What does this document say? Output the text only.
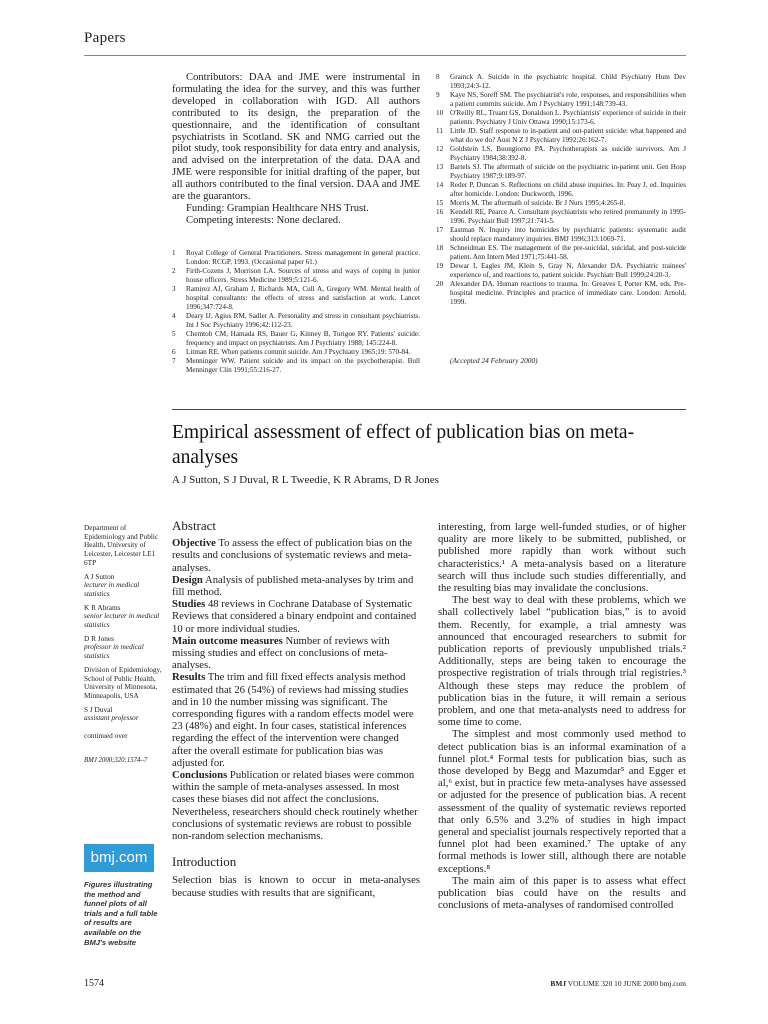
Papers

Contributors: DAA and JME were instrumental in formulating the idea for the survey, and this was further developed in collaboration with IGD. All authors contributed to its design, the preparation of the questionnaire, and the identification of consultant psychiatrists in Scotland. SK and NMG carried out the pilot study, took responsibility for data entry and analysis, and advised on the interpretation of the data. DAA and JME were responsible for initial drafting of the paper, but all authors contributed to the final version. DAA and JME are the guarantors.

Funding: Grampian Healthcare NHS Trust.

Competing interests: None declared.

1 Royal College of General Practitioners. Stress management in general practice. London: RCGP, 1993. (Occasional paper 61.)
2 Firth-Cozens J, Morrison LA. Sources of stress and ways of coping in junior house officers. Stress Medicine 1989;5:121-6.
3 Ramirez AJ, Graham J, Richards MA, Cull A, Gregory WM. Mental health of hospital consultants: the effects of stress and satisfaction at work. Lancet 1996;347:724-8.
4 Deary IJ, Agius RM, Sadler A. Personality and stress in consultant psychiatrists. Int J Soc Psychiatry 1996;42:112-23.
5 Chemtob CM, Hamada RS, Bauer G, Kinney B, Torigoe RY. Patients' suicide: frequency and impact on psychiatrists. Am J Psychiatry 1988; 145:224-8.
6 Litman RE. When patients commit suicide. Am J Psychiatry 1965;19: 570-84.
7 Menninger WW. Patient suicide and its impact on the psychotherapist. Bull Menninger Clin 1991;55:216-27.
8 Grainck A. Suicide in the psychiatric hospital. Child Psychiatry Hum Dev 1993;24:3-12.
9 Kaye NS, Soreff SM. The psychiatrist's role, responses, and responsibilities when a patient commits suicide. Am J Psychiatry 1991;148:739-43.
10 O'Reilly RL, Truant GS, Donaldson L. Psychiatrists' experience of suicide in their patients. Psychiatry J Univ Ottawa 1990;15:173-6.
11 Little JD. Staff response to in-patient and out-patient suicide: what happened and what do we do? Aust N Z J Psychiatry 1992;26:162-7.
12 Goldstein LS, Buongiorno PA. Psychotherapists as suicide survivors. Am J Psychiatry 1984;38:392-8.
13 Bartels SJ. The aftermath of suicide on the psychiatric in-patient unit. Gen Hosp Psychiatry 1987;9:189-97.
14 Reder P, Duncan S. Reflections on child abuse inquiries. In: Peay J, ed. Inquiries after homicide. London: Duckworth, 1996.
15 Morris M. The aftermath of suicide. Br J Nurs 1995;4:265-8.
16 Kendell RE, Pearce A. Consultant psychiatrists who retired prematurely in 1995-1996. Psychiatr Bull 1997;21:741-5.
17 Eastman N. Inquiry into homicides by psychiatric patients: systematic audit should replace mandatory inquiries. BMJ 1996;313:1069-71.
18 Schneidman ES. The management of the pre-suicidal, suicidal, and post-suicide patient. Ann Intern Med 1971;75:441-58.
19 Dewar I, Eagles JM, Klein S, Gray N, Alexander DA. Psychiatric trainees' experience of, and reactions to, patient suicide. Psychiatr Bull 1999;24:20-3.
20 Alexander DA. Human reactions to trauma. In: Greaves I, Porter KM, eds. Pre-hospital medicine. Principles and practice of immediate care. London: Arnold, 1999.
(Accepted 24 February 2000)
Empirical assessment of effect of publication bias on meta-analyses
A J Sutton, S J Duval, R L Tweedie, K R Abrams, D R Jones
Department of Epidemiology and Public Health, University of Leicester, Leicester LE1 6TP
A J Sutton
lecturer in medical statistics
K R Abrams
senior lecturer in medical statistics
D R Jones
professor in medical statistics
Division of Epidemiology, School of Public Health, University of Minnesota, Minneapolis, USA
S J Duval
assistant professor
continued over
BMJ 2000;320:1574–7
bmj.com
Figures illustrating the method and funnel plots of all trials and a full table of results are available on the BMJ's website
Abstract

Objective To assess the effect of publication bias on the results and conclusions of systematic reviews and meta-analyses.

Design Analysis of published meta-analyses by trim and fill method.

Studies 48 reviews in Cochrane Database of Systematic Reviews that considered a binary endpoint and contained 10 or more individual studies.

Main outcome measures Number of reviews with missing studies and effect on conclusions of meta-analyses.

Results The trim and fill fixed effects analysis method estimated that 26 (54%) of reviews had missing studies and in 10 the number missing was significant. The corresponding figures with a random effects model were 23 (48%) and eight. In four cases, statistical inferences regarding the effect of the intervention were changed after the overall estimate for publication bias was adjusted for.

Conclusions Publication or related biases were common within the sample of meta-analyses assessed. In most cases these biases did not affect the conclusions. Nevertheless, researchers should check routinely whether conclusions of systematic reviews are robust to possible non-random selection mechanisms.

Introduction

Selection bias is known to occur in meta-analyses because studies with results that are significant,

interesting, from large well-funded studies, or of higher quality are more likely to be submitted, published, or published more rapidly than work without such characteristics.¹ A meta-analysis based on a literature search will thus include such studies differentially, and the resulting bias may invalidate the conclusions.

The best way to deal with these problems, which we shall collectively label “publication bias,” is to avoid them. Recently, for example, a trial amnesty was announced that encouraged researchers to submit for publication reports of previously unpublished trials.² Additionally, steps are being taken to encourage the prospective registration of trials through trial registries.³ Although these steps may reduce the problem of publication bias in the future, it will remain a serious problem, and one that meta-analysts need to address for some time to come.

The simplest and most commonly used method to detect publication bias is an informal examination of a funnel plot.⁴ Formal tests for publication bias, such as those developed by Begg and Mazumdar⁵ and Egger et al,⁶ exist, but in practice few meta-analyses have assessed or adjusted for the presence of publication bias. A recent assessment of the quality of systematic reviews reported that only 6.5% and 3.2% of studies in high impact general and specialist journals respectively reported that a funnel plot had been examined.⁷ The uptake of any formal methods is lower still, although there are notable exceptions.⁸

The main aim of this paper is to assess what effect publication bias could have on the results and conclusions of meta-analyses of randomised controlled

1574	BMJ VOLUME 320 10 JUNE 2000 bmj.com
